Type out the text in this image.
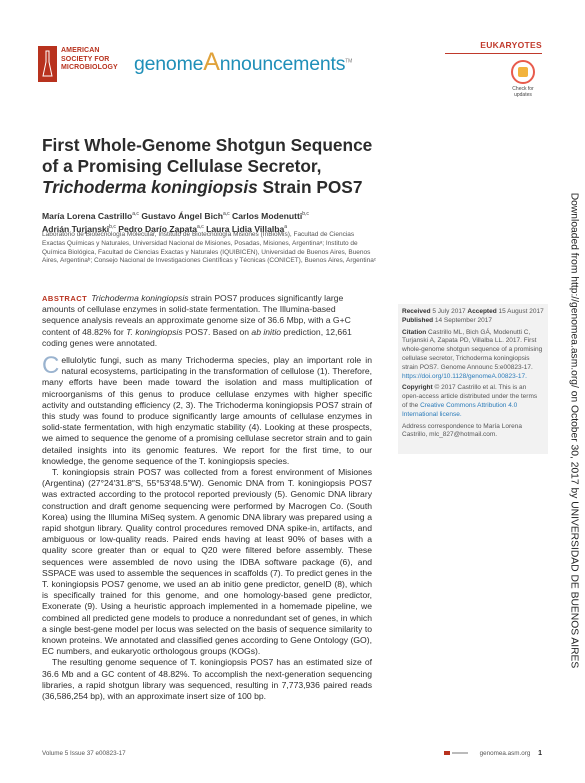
AMERICAN
SOCIETY FOR
MICROBIOLOGY genomeAnnouncements™
EUKARYOTES
Check for updates
Downloaded from http://genomea.asm.org/ on October 30, 2017 by UNIVERSIDAD DE BUENOS AIRES
First Whole-Genome Shotgun Sequence
of a Promising Cellulase Secretor,
Trichoderma koningiopsis Strain POS7
María Lorena Castrillo$^{a,c}$ Gustavo Ángel Bich$^{a,c}$ Carlos Modenutti$^{b,c}$
Adrián Turjanski$^{b,c}$ Pedro Darío Zapata$^{a,c}$ Laura Lidia Villalba$^a$
Laboratorio de Biotecnología Molecular, Instituto de Biotecnología Misiones (InBioMis), Facultad de Ciencias Exactas Químicas y Naturales, Universidad Nacional de Misiones, Posadas, Misiones, Argentinaᵃ; Instituto de Química Biológica, Facultad de Ciencias Exactas y Naturales (IQUIBICEN), Universidad de Buenos Aires, Buenos Aires, Argentinaᵇ; Consejo Nacional de Investigaciones Científicas y Técnicas (CONICET), Buenos Aires, Argentinaᶜ
ABSTRACT Trichoderma koningiopsis strain POS7 produces significantly large amounts of cellulase enzymes in solid-state fermentation. The Illumina-based sequence analysis reveals an approximate genome size of 36.6 Mbp, with a G+C content of 48.82% for T. koningiopsis POS7. Based on ab initio prediction, 12,661 coding genes were annotated.

Received 5 July 2017 Accepted 15 August 2017 Published 14 September 2017

Citation Castrillo ML, Bich GÁ, Modenutti C, Turjanski A, Zapata PD, Villalba LL. 2017. First whole-genome shotgun sequence of a promising cellulase secretor, Trichoderma koningiopsis strain POS7. Genome Announc 5:e00823-17. https://doi.org/10.1128/genomeA.00823-17.

Copyright © 2017 Castrillo et al. This is an open-access article distributed under the terms of the Creative Commons Attribution 4.0 International license.

Address correspondence to María Lorena Castrillo, mlc_827@hotmail.com.

Cellulolytic fungi, such as many Trichoderma species, play an important role in natural ecosystems, participating in the transformation of cellulose (1). Therefore, many efforts have been made toward the isolation and mass multiplication of microorganisms of this genus to produce cellulase enzymes with higher specific activity and outstanding efficiency (2, 3). The Trichoderma koningiopsis POS7 strain of this study was found to produce significantly large amounts of cellulase enzymes in solid-state fermentation, with high enzymatic stability (4). Looking at these prospects, we aimed to sequence the genome of a promising cellulase secretor strain and to gain detailed insights into its genomic features. We report for the first time, to our knowledge, the genome sequence of the T. koningiopsis species.

T. koningiopsis strain POS7 was collected from a forest environment of Misiones (Argentina) (27°24′31.8″S, 55°53′48.5″W). Genomic DNA from T. koningiopsis POS7 was extracted according to the protocol reported previously (5). Genomic DNA library construction and draft genome sequencing were performed by Macrogen Co. (South Korea) using the Illumina MiSeq system. A genomic DNA library was prepared using a rapid shotgun library. Quality control procedures removed DNA spike-in, artifacts, and ambiguous or low-quality reads. Paired ends having at least 90% of bases with a quality score greater than or equal to Q20 were filtered before assembly. These sequences were assembled de novo using the IDBA software package (6), and SSPACE was used to assemble the sequences in scaffolds (7). To predict genes in the T. koningiopsis POS7 genome, we used an ab initio gene predictor, geneID (8), which is specifically trained for this genome, and one homology-based gene predictor, Exonerate (9). Using a heuristic approach implemented in a homemade pipeline, we combined all predicted gene models to produce a nonredundant set of genes, in which a single best-gene model per locus was selected on the basis of sequence similarity to known proteins. We annotated and classified genes according to Gene Ontology (GO), EC numbers, and eukaryotic orthologous groups (KOGs).

The resulting genome sequence of T. koningiopsis POS7 has an estimated size of 36.6 Mb and a GC content of 48.82%. To accomplish the next-generation sequencing libraries, a rapid shotgun library was sequenced, resulting in 7,773,936 paired reads (36,586,254 bp), with an approximate insert size of 100 bp.

Volume 5 Issue 37 e00823-17	genomea.asm.org 1
